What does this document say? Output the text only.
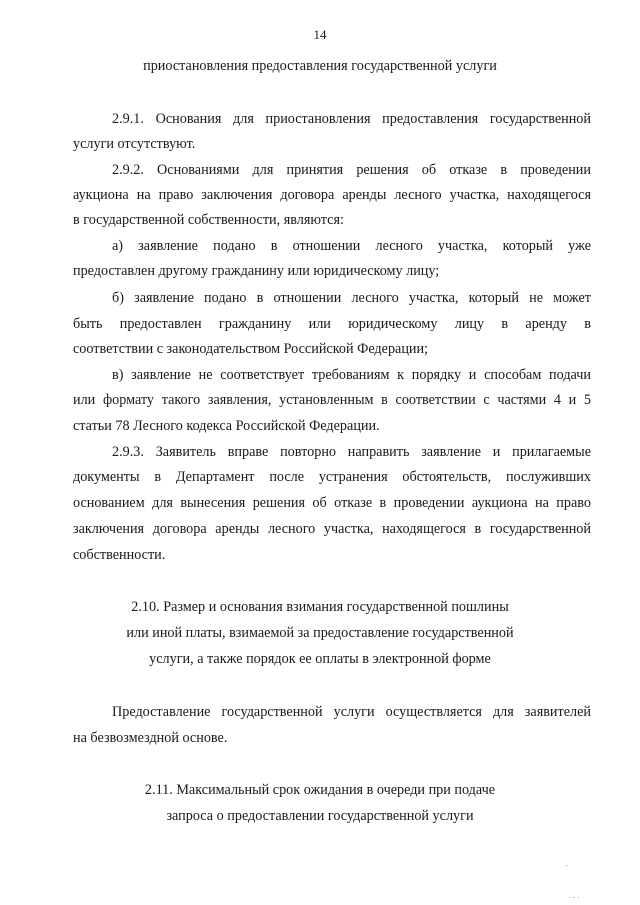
14
приостановления предоставления государственной услуги
2.9.1. Основания для приостановления предоставления государственной
услуги отсутствуют.
2.9.2. Основаниями для принятия решения об отказе в проведении
аукциона на право заключения договора аренды лесного участка, находящегося
в государственной собственности, являются:
а) заявление подано в отношении лесного участка, который уже
предоставлен другому гражданину или юридическому лицу;
б) заявление подано в отношении лесного участка, который не может
быть предоставлен гражданину или юридическому лицу в аренду в
соответствии с законодательством Российской Федерации;
в) заявление не соответствует требованиям к порядку и способам подачи
или формату такого заявления, установленным в соответствии с частями 4 и 5
статьи 78 Лесного кодекса Российской Федерации.
2.9.3. Заявитель вправе повторно направить заявление и прилагаемые
документы в Департамент после устранения обстоятельств, послуживших
основанием для вынесения решения об отказе в проведении аукциона на право
заключения договора аренды лесного участка, находящегося в государственной
собственности.
2.10. Размер и основания взимания государственной пошлины
или иной платы, взимаемой за предоставление государственной
услуги, а также порядок ее оплаты в электронной форме
Предоставление государственной услуги осуществляется для заявителей
на безвозмездной основе.
2.11. Максимальный срок ожидания в очереди при подаче
запроса о предоставлении государственной услуги
.
. . .
